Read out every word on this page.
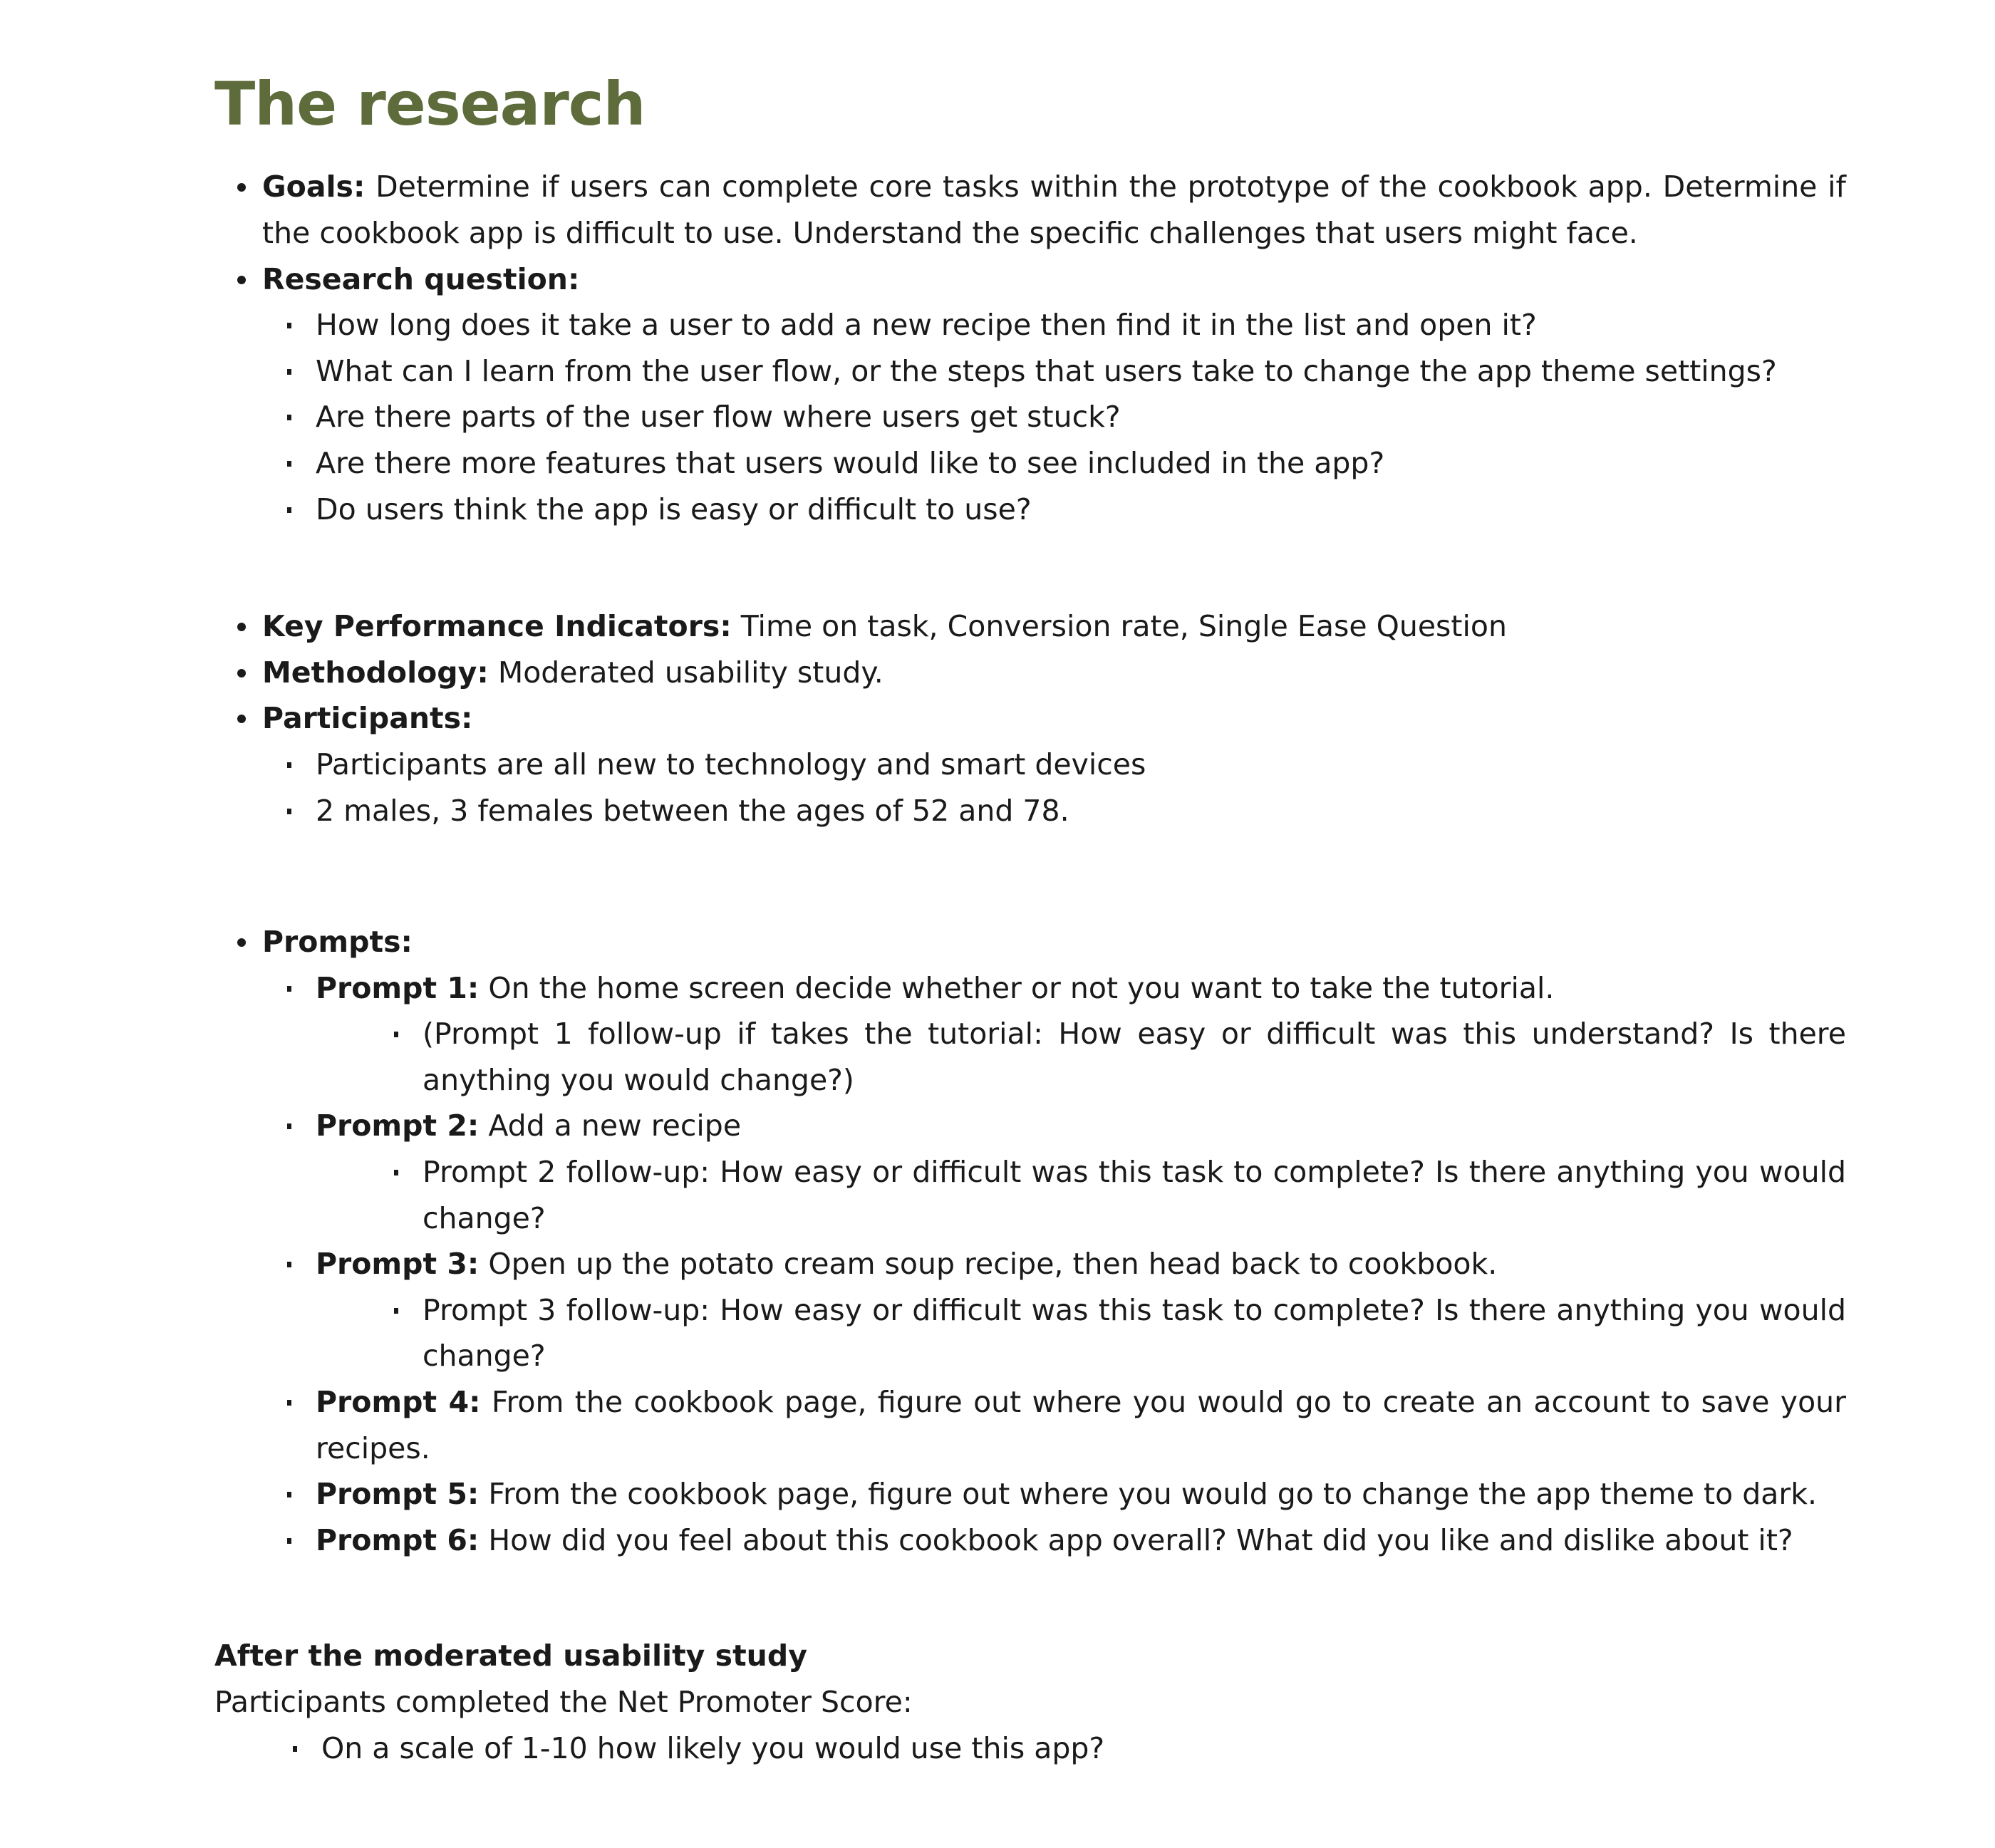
The research
Goals: Determine if users can complete core tasks within the prototype of the cookbook app. Determine if the cookbook app is difficult to use. Understand the specific challenges that users might face.
Research question:
How long does it take a user to add a new recipe then find it in the list and open it?
What can I learn from the user flow, or the steps that users take to change the app theme settings?
Are there parts of the user flow where users get stuck?
Are there more features that users would like to see included in the app?
Do users think the app is easy or difficult to use?
Key Performance Indicators: Time on task, Conversion rate, Single Ease Question
Methodology: Moderated usability study.
Participants:
Participants are all new to technology and smart devices
2 males, 3 females between the ages of 52 and 78.
Prompts:
Prompt 1: On the home screen decide whether or not you want to take the tutorial.
(Prompt 1 follow-up if takes the tutorial: How easy or difficult was this understand? Is there anything you would change?)
Prompt 2: Add a new recipe
Prompt 2 follow-up: How easy or difficult was this task to complete? Is there anything you would change?
Prompt 3: Open up the potato cream soup recipe, then head back to cookbook.
Prompt 3 follow-up: How easy or difficult was this task to complete? Is there anything you would change?
Prompt 4: From the cookbook page, figure out where you would go to create an account to save your recipes.
Prompt 5: From the cookbook page, figure out where you would go to change the app theme to dark.
Prompt 6: How did you feel about this cookbook app overall? What did you like and dislike about it?
After the moderated usability study
Participants completed the Net Promoter Score:
On a scale of 1-10 how likely you would use this app?
